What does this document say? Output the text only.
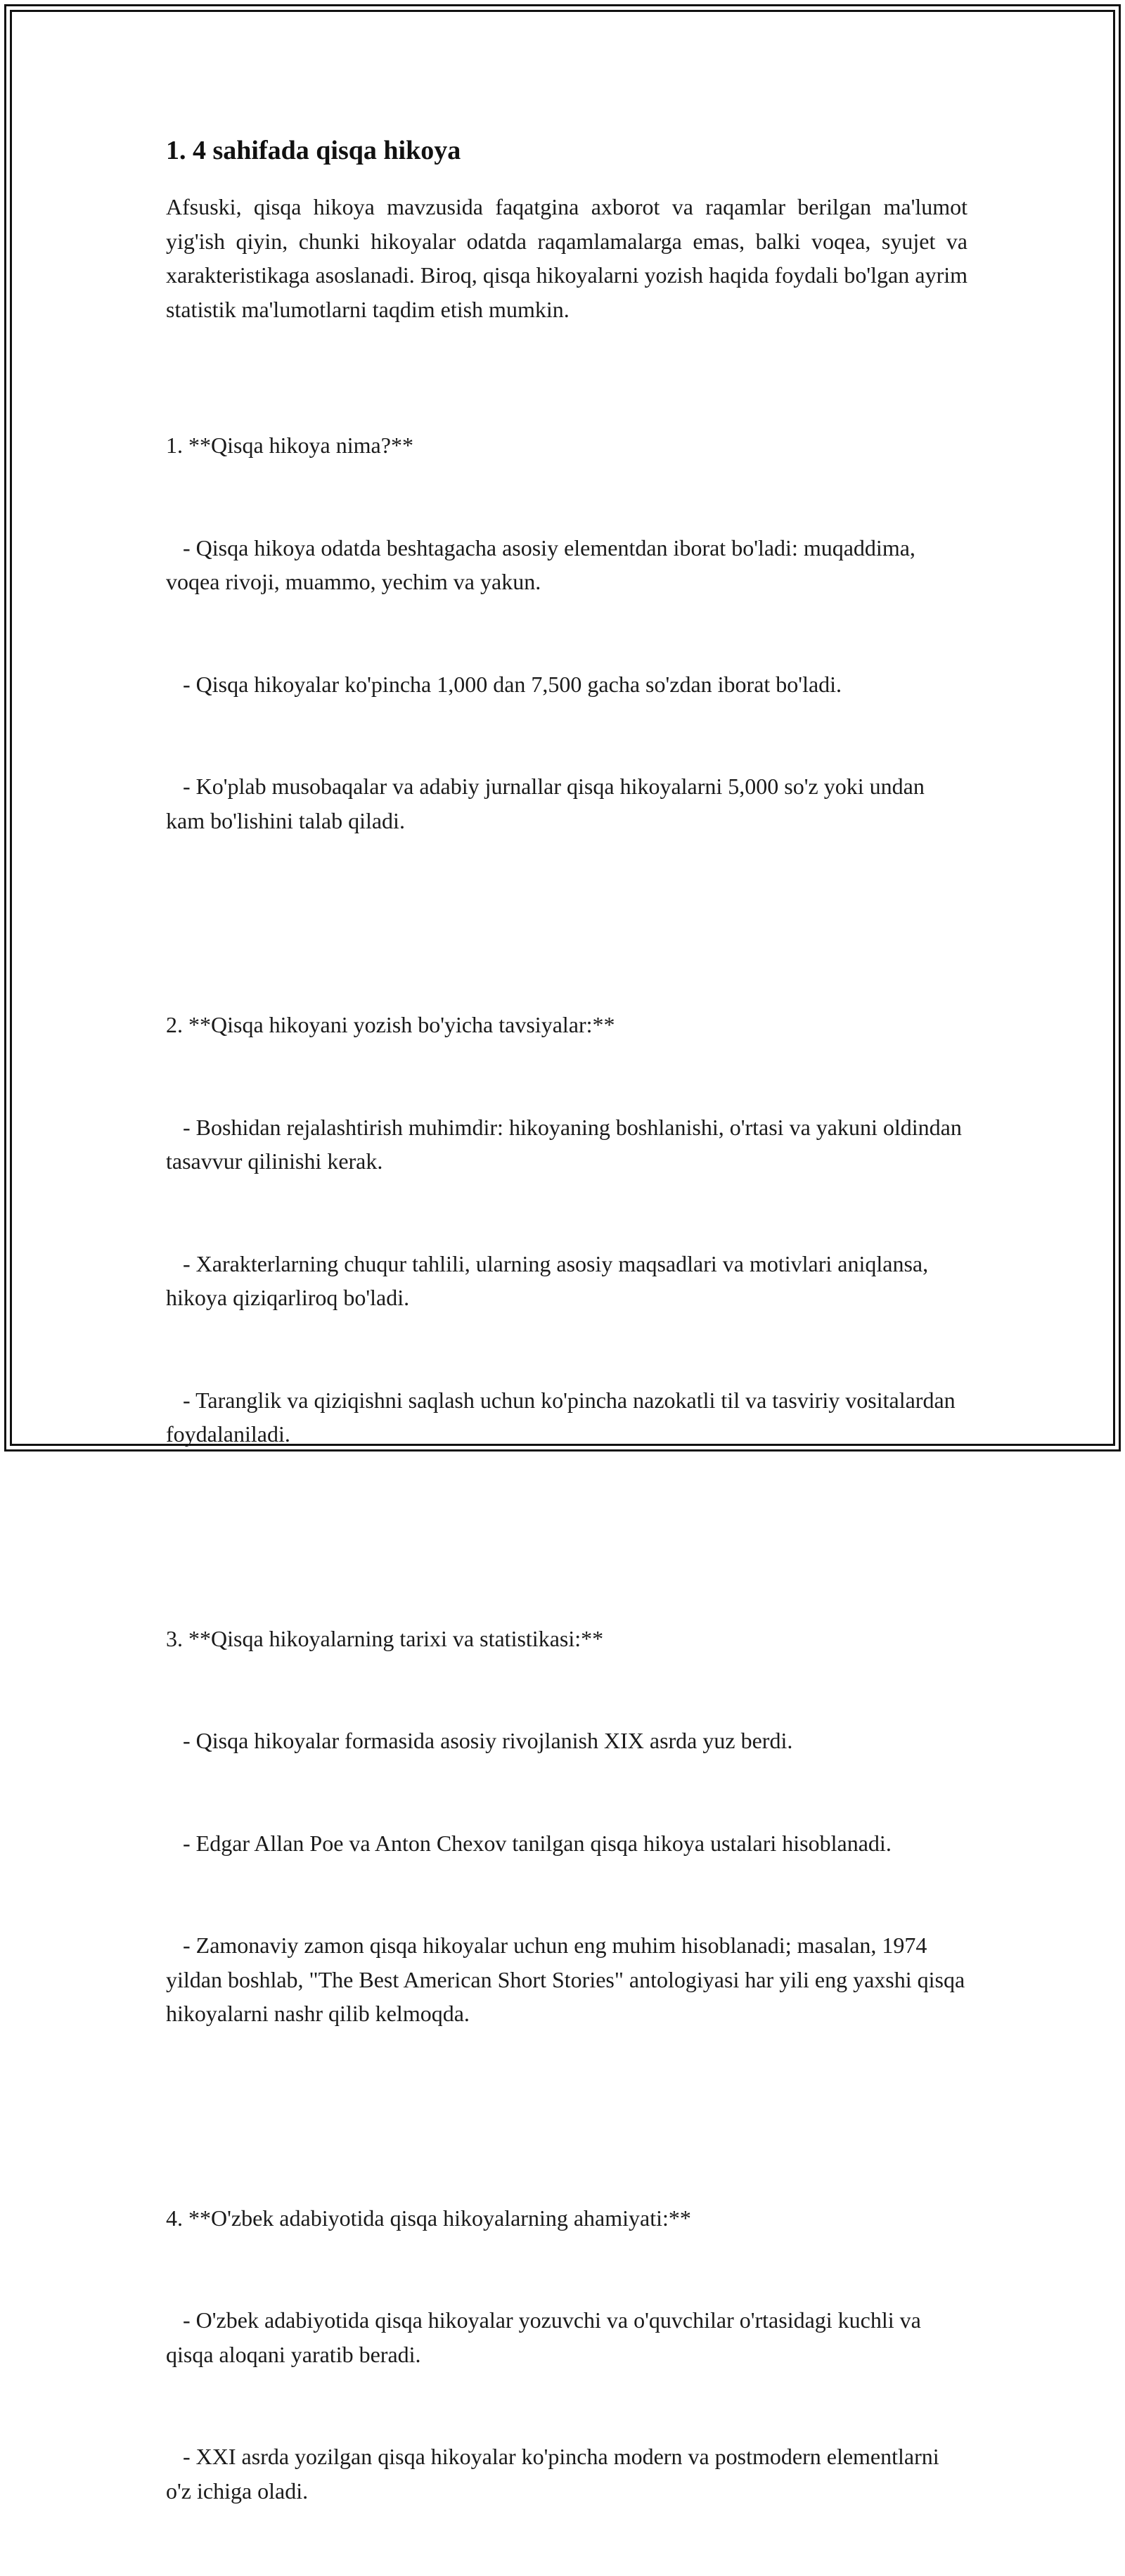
1. 4 sahifada qisqa hikoya

Afsuski, qisqa hikoya mavzusida faqatgina axborot va raqamlar berilgan ma'lumot yig'ish qiyin, chunki hikoyalar odatda raqamlamalarga emas, balki voqea, syujet va xarakteristikaga asoslanadi. Biroq, qisqa hikoyalarni yozish haqida foydali bo'lgan ayrim statistik ma'lumotlarni taqdim etish mumkin.

1. **Qisqa hikoya nima?**

- Qisqa hikoya odatda beshtagacha asosiy elementdan iborat bo'ladi: muqaddima, voqea rivoji, muammo, yechim va yakun.

- Qisqa hikoyalar ko'pincha 1,000 dan 7,500 gacha so'zdan iborat bo'ladi.

- Ko'plab musobaqalar va adabiy jurnallar qisqa hikoyalarni 5,000 so'z yoki undan kam bo'lishini talab qiladi.

2. **Qisqa hikoyani yozish bo'yicha tavsiyalar:**

- Boshidan rejalashtirish muhimdir: hikoyaning boshlanishi, o'rtasi va yakuni oldindan tasavvur qilinishi kerak.

- Xarakterlarning chuqur tahlili, ularning asosiy maqsadlari va motivlari aniqlansa, hikoya qiziqarliroq bo'ladi.

- Taranglik va qiziqishni saqlash uchun ko'pincha nazokatli til va tasviriy vositalardan foydalaniladi.

3. **Qisqa hikoyalarning tarixi va statistikasi:**

- Qisqa hikoyalar formasida asosiy rivojlanish XIX asrda yuz berdi.

- Edgar Allan Poe va Anton Chexov tanilgan qisqa hikoya ustalari hisoblanadi.

- Zamonaviy zamon qisqa hikoyalar uchun eng muhim hisoblanadi; masalan, 1974 yildan boshlab, "The Best American Short Stories" antologiyasi har yili eng yaxshi qisqa hikoyalarni nashr qilib kelmoqda.

4. **O'zbek adabiyotida qisqa hikoyalarning ahamiyati:**

- O'zbek adabiyotida qisqa hikoyalar yozuvchi va o'quvchilar o'rtasidagi kuchli va qisqa aloqani yaratib beradi.

- XXI asrda yozilgan qisqa hikoyalar ko'pincha modern va postmodern elementlarni o'z ichiga oladi.
